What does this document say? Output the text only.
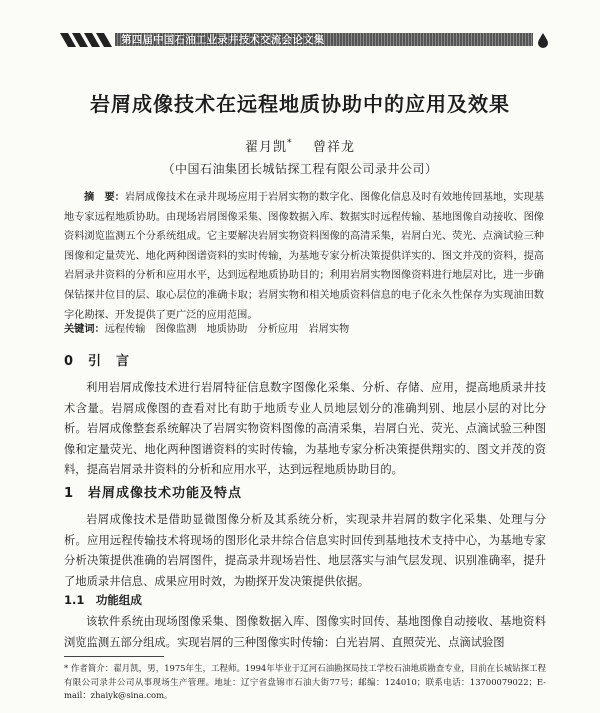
第四届中国石油工业录井技术交流会论文集
岩屑成像技术在远程地质协助中的应用及效果
翟月凯* 曾祥龙
（中国石油集团长城钻探工程有限公司录井公司）
摘　要：岩屑成像技术在录井现场应用于岩屑实物的数字化、图像化信息及时有效地传回基地，实现基地专家远程地质协助。由现场岩屑图像采集、图像数据入库、数据实时远程传输、基地图像自动接收、图像资料浏览监测五个分系统组成。它主要解决岩屑实物资料图像的高清采集，岩屑白光、荧光、点滴试验三种图像和定量荧光、地化两种图谱资料的实时传输，为基地专家分析决策提供详实的、图文并茂的资料，提高岩屑录井资料的分析和应用水平，达到远程地质协助目的；利用岩屑实物图像资料进行地层对比，进一步确保钻探井位目的层、取心层位的准确卡取；岩屑实物和相关地质资料信息的电子化永久性保存为实现油田数字化勘探、开发提供了更广泛的应用范围。
关键词：远程传输　图像监测　地质协助　分析应用　岩屑实物
0　引　言
利用岩屑成像技术进行岩屑特征信息数字图像化采集、分析、存储、应用，提高地质录井技术含量。岩屑成像图的查看对比有助于地质专业人员地层划分的准确判别、地层小层的对比分析。岩屑成像整套系统解决了岩屑实物资料图像的高清采集，岩屑白光、荧光、点滴试验三种图像和定量荧光、地化两种图谱资料的实时传输，为基地专家分析决策提供翔实的、图文并茂的资料，提高岩屑录井资料的分析和应用水平，达到远程地质协助目的。
1　岩屑成像技术功能及特点
岩屑成像技术是借助显微图像分析及其系统分析，实现录井岩屑的数字化采集、处理与分析。应用远程传输技术将现场的图形化录井综合信息实时回传到基地技术支持中心，为基地专家分析决策提供准确的岩屑图件，提高录井现场岩性、地层落实与油气层发现、识别准确率，提升了地质录井信息、成果应用时效，为勘探开发决策提供依据。
1.1　功能组成
该软件系统由现场图像采集、图像数据入库、图像实时回传、基地图像自动接收、基地资料浏览监测五部分组成。实现岩屑的三种图像实时传输：白光岩屑、直照荧光、点滴试验图
* 作者简介：翟月凯，男，1975年生，工程师。1994年毕业于辽河石油勘探局技工学校石油地质勘查专业，目前在长城钻探工程有限公司录井公司从事现场生产管理。地址：辽宁省盘锦市石油大街77号；邮编：124010；联系电话：13700079022；E-mail：zhaiyk@sina.com。
